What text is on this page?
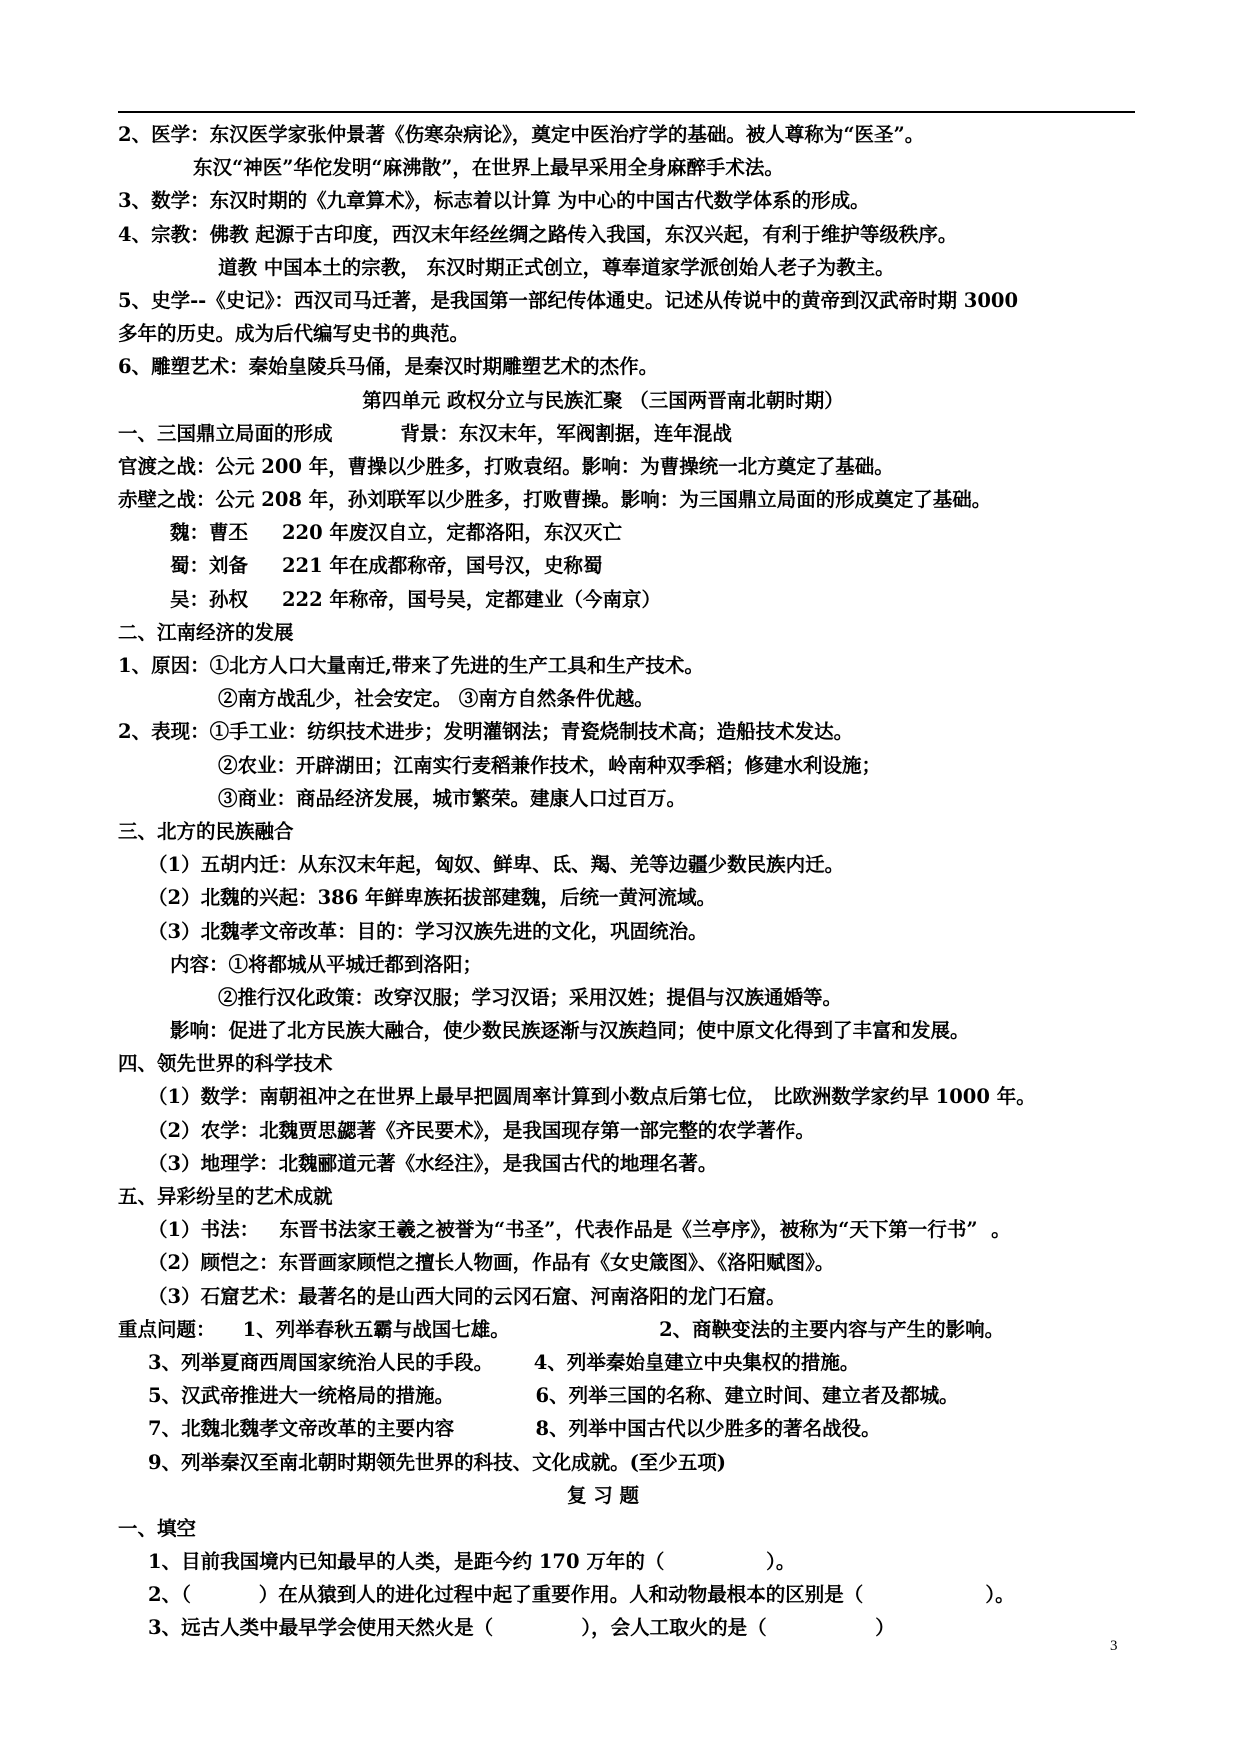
2、医学：东汉医学家张仲景著《伤寒杂病论》，奠定中医治疗学的基础。被人尊称为“医圣”。
东汉“神医”华佗发明“麻沸散”，在世界上最早采用全身麻醉手术法。
3、数学：东汉时期的《九章算术》，标志着以计算 为中心的中国古代数学体系的形成。
4、宗教：佛教 起源于古印度，西汉末年经丝绸之路传入我国，东汉兴起，有利于维护等级秩序。
道教 中国本土的宗教， 东汉时期正式创立，尊奉道家学派创始人老子为教主。
5、史学--《史记》：西汉司马迁著，是我国第一部纪传体通史。记述从传说中的黄帝到汉武帝时期 3000
多年的历史。成为后代编写史书的典范。
6、雕塑艺术：秦始皇陵兵马俑，是秦汉时期雕塑艺术的杰作。
第四单元 政权分立与民族汇聚 （三国两晋南北朝时期）
一、三国鼎立局面的形成          背景：东汉末年，军阀割据，连年混战
官渡之战：公元 200 年，曹操以少胜多，打败袁绍。影响：为曹操统一北方奠定了基础。
赤壁之战：公元 208 年，孙刘联军以少胜多，打败曹操。影响：为三国鼎立局面的形成奠定了基础。
魏：曹丕     220 年废汉自立，定都洛阳，东汉灭亡
蜀：刘备     221 年在成都称帝，国号汉，史称蜀
吴：孙权     222 年称帝，国号吴，定都建业（今南京）
二、江南经济的发展
1、原因：①北方人口大量南迁,带来了先进的生产工具和生产技术。
②南方战乱少，社会安定。 ③南方自然条件优越。
2、表现：①手工业：纺织技术进步；发明灌钢法；青瓷烧制技术高；造船技术发达。
②农业：开辟湖田；江南实行麦稻兼作技术，岭南种双季稻；修建水利设施；
③商业：商品经济发展，城市繁荣。建康人口过百万。
三、北方的民族融合
（1）五胡内迁：从东汉末年起，匈奴、鲜卑、氐、羯、羌等边疆少数民族内迁。
（2）北魏的兴起：386 年鲜卑族拓拔部建魏，后统一黄河流域。
（3）北魏孝文帝改革：目的：学习汉族先进的文化，巩固统治。
内容：①将都城从平城迁都到洛阳；
②推行汉化政策：改穿汉服；学习汉语；采用汉姓；提倡与汉族通婚等。
影响：促进了北方民族大融合，使少数民族逐渐与汉族趋同；使中原文化得到了丰富和发展。
四、领先世界的科学技术
（1）数学：南朝祖冲之在世界上最早把圆周率计算到小数点后第七位， 比欧洲数学家约早 1000 年。
（2）农学：北魏贾思勰著《齐民要术》，是我国现存第一部完整的农学著作。
（3）地理学：北魏郦道元著《水经注》，是我国古代的地理名著。
五、异彩纷呈的艺术成就
（1）书法：   东晋书法家王羲之被誉为“书圣”，代表作品是《兰亭序》，被称为“天下第一行书”  。
（2）顾恺之：东晋画家顾恺之擅长人物画，作品有《女史箴图》、《洛阳赋图》。
（3）石窟艺术：最著名的是山西大同的云冈石窟、河南洛阳的龙门石窟。
重点问题：    1、列举春秋五霸与战国七雄。                      2、商鞅变法的主要内容与产生的影响。
3、列举夏商西周国家统治人民的手段。      4、列举秦始皇建立中央集权的措施。
5、汉武帝推进大一统格局的措施。            6、列举三国的名称、建立时间、建立者及都城。
7、北魏北魏孝文帝改革的主要内容            8、列举中国古代以少胜多的著名战役。
9、列举秦汉至南北朝时期领先世界的科技、文化成就。(至少五项)
复 习 题
一、填空
1、目前我国境内已知最早的人类，是距今约 170 万年的（               ）。
2、（          ）在从猿到人的进化过程中起了重要作用。人和动物最根本的区别是（                  ）。
3、远古人类中最早学会使用天然火是（             ），会人工取火的是（                ）
3
